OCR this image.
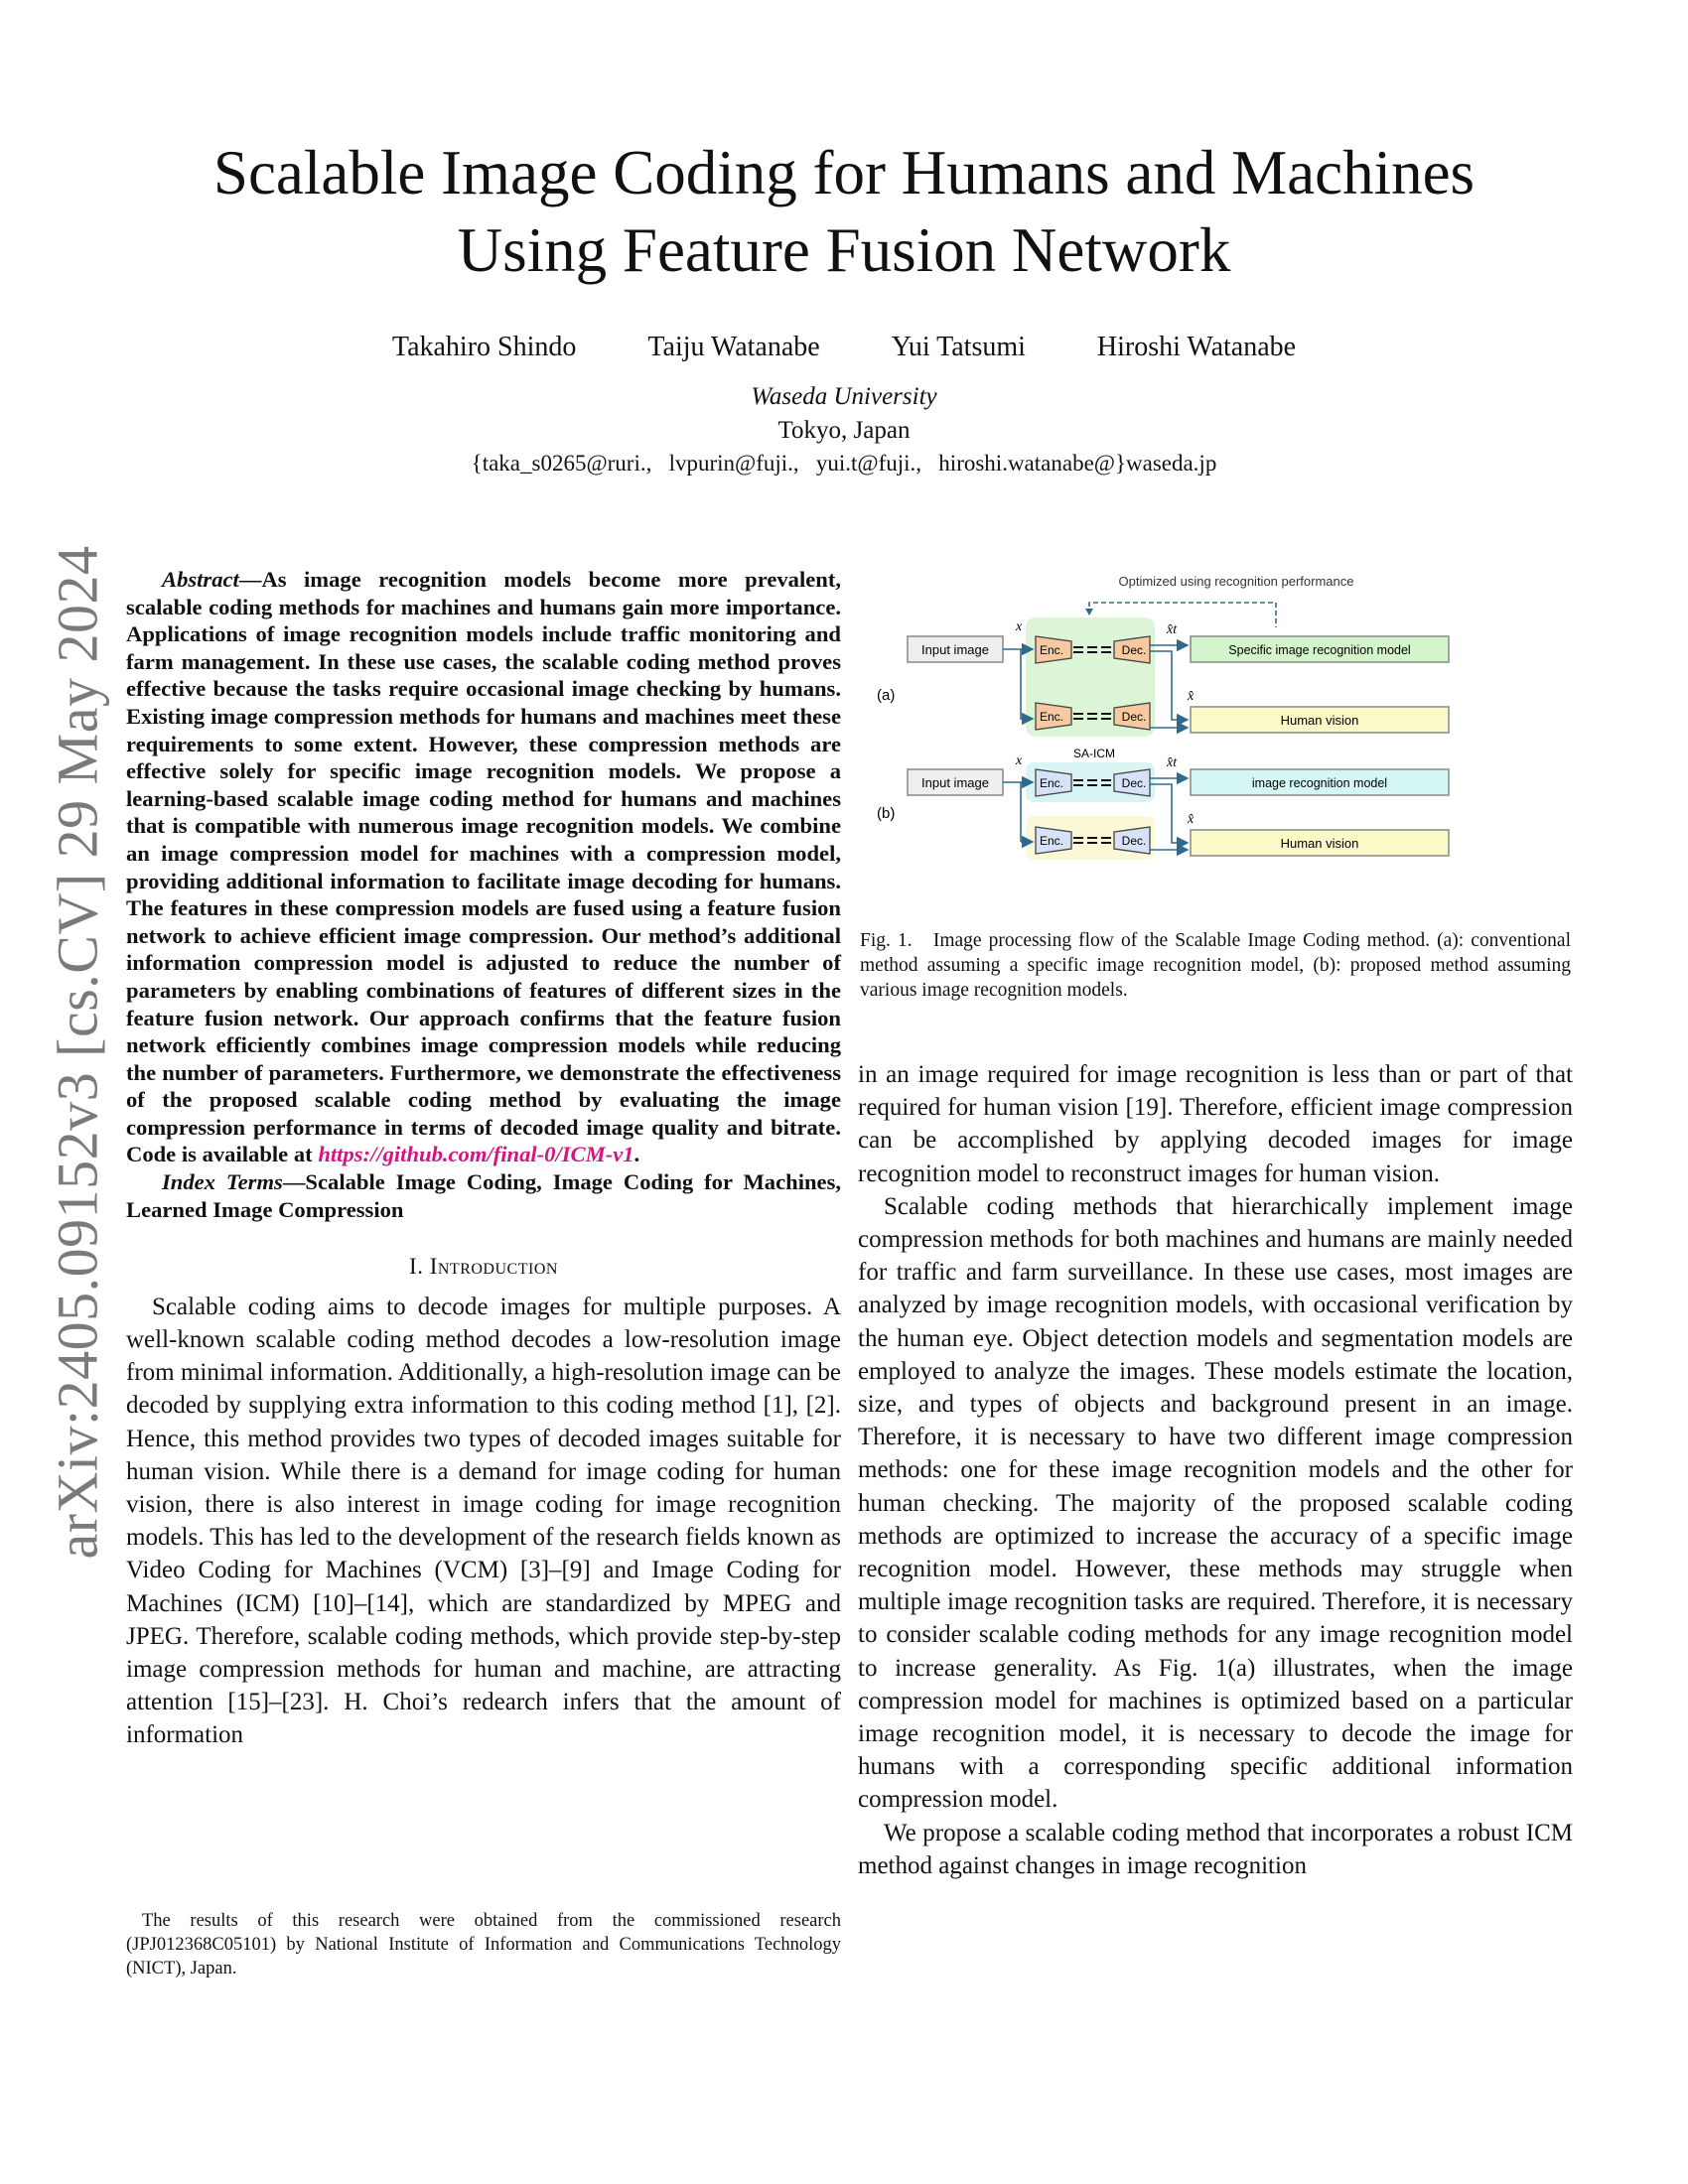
arXiv:2405.09152v3 [cs.CV] 29 May 2024
Scalable Image Coding for Humans and Machines
Using Feature Fusion Network
Takahiro Shindo	Taiju Watanabe	Yui Tatsumi	Hiroshi Watanabe
Waseda University
Tokyo, Japan
{taka_s0265@ruri.,   lvpurin@fuji.,   yui.t@fuji.,   hiroshi.watanabe@}waseda.jp

Abstract—As image recognition models become more prevalent, scalable coding methods for machines and humans gain more importance. Applications of image recognition models include traffic monitoring and farm management. In these use cases, the scalable coding method proves effective because the tasks require occasional image checking by humans. Existing image compression methods for humans and machines meet these requirements to some extent. However, these compression methods are effective solely for specific image recognition models. We propose a learning-based scalable image coding method for humans and machines that is compatible with numerous image recognition models. We combine an image compression model for machines with a compression model, providing additional information to facilitate image decoding for humans. The features in these compression models are fused using a feature fusion network to achieve efficient image compression. Our method’s additional information compression model is adjusted to reduce the number of parameters by enabling combinations of features of different sizes in the feature fusion network. Our approach confirms that the feature fusion network efficiently combines image compression models while reducing the number of parameters. Furthermore, we demonstrate the effectiveness of the proposed scalable coding method by evaluating the image compression performance in terms of decoded image quality and bitrate. Code is available at https://github.com/final-0/ICM-v1.

Index Terms—Scalable Image Coding, Image Coding for Machines, Learned Image Compression

I. Introduction

Scalable coding aims to decode images for multiple purposes. A well-known scalable coding method decodes a low-resolution image from minimal information. Additionally, a high-resolution image can be decoded by supplying extra information to this coding method [1], [2]. Hence, this method provides two types of decoded images suitable for human vision. While there is a demand for image coding for human vision, there is also interest in image coding for image recognition models. This has led to the development of the research fields known as Video Coding for Machines (VCM) [3]–[9] and Image Coding for Machines (ICM) [10]–[14], which are standardized by MPEG and JPEG. Therefore, scalable coding methods, which provide step-by-step image compression methods for human and machine, are attracting attention [15]–[23]. H. Choi’s redearch infers that the amount of information

The results of this research were obtained from the commissioned research (JPJ012368C05101) by National Institute of Information and Communications Technology (NICT), Japan.

Optimized using recognition performance
Input image
x
Enc.	Dec.
Enc.	Dec.
x̂t
x̂
Specific image recognition model
Human vision
(a)
SA-ICM
Input image
x
Enc.	Dec.
Enc.	Dec.
x̂t
x̂
image recognition model
Human vision
(b)
Fig. 1.   Image processing flow of the Scalable Image Coding method. (a): conventional method assuming a specific image recognition model, (b): proposed method assuming various image recognition models.

in an image required for image recognition is less than or part of that required for human vision [19]. Therefore, efficient image compression can be accomplished by applying decoded images for image recognition model to reconstruct images for human vision.

Scalable coding methods that hierarchically implement image compression methods for both machines and humans are mainly needed for traffic and farm surveillance. In these use cases, most images are analyzed by image recognition models, with occasional verification by the human eye. Object detection models and segmentation models are employed to analyze the images. These models estimate the location, size, and types of objects and background present in an image. Therefore, it is necessary to have two different image compression methods: one for these image recognition models and the other for human checking. The majority of the proposed scalable coding methods are optimized to increase the accuracy of a specific image recognition model. However, these methods may struggle when multiple image recognition tasks are required. Therefore, it is necessary to consider scalable coding methods for any image recognition model to increase generality. As Fig. 1(a) illustrates, when the image compression model for machines is optimized based on a particular image recognition model, it is necessary to decode the image for humans with a corresponding specific additional information compression model.

We propose a scalable coding method that incorporates a robust ICM method against changes in image recognition
